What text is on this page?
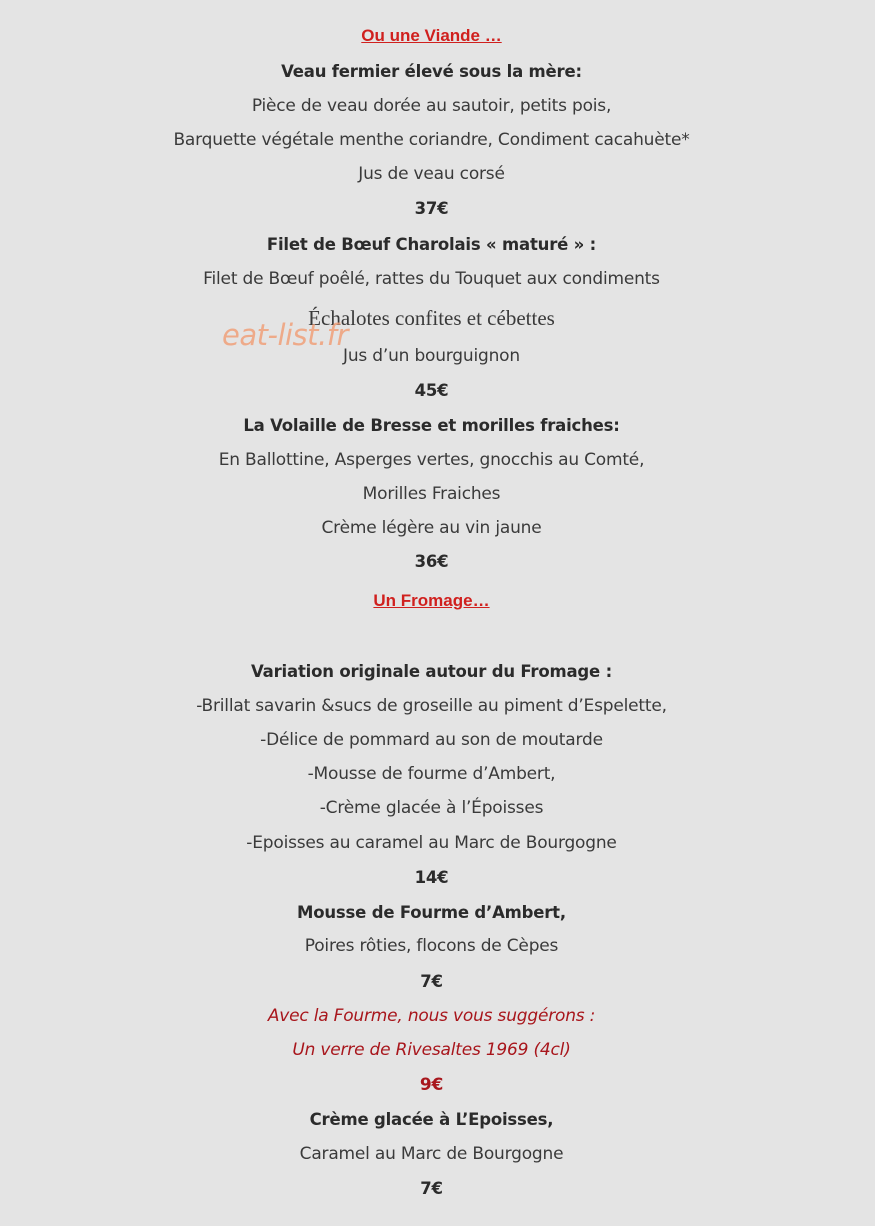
Ou une Viande …
Veau fermier élevé sous la mère:
Pièce de veau dorée au sautoir, petits pois,
Barquette végétale menthe coriandre, Condiment cacahuète*
Jus de veau corsé
37€
Filet de Bœuf Charolais « maturé » :
Filet de Bœuf poêlé, rattes du Touquet aux condiments
Échalotes confites et cébettes
Jus d’un bourguignon
45€
La Volaille de Bresse et morilles fraiches:
En Ballottine, Asperges vertes, gnocchis au Comté,
Morilles Fraiches
Crème légère au vin jaune
36€
Un Fromage…
Variation originale autour du Fromage :
-Brillat savarin &sucs de groseille au piment d’Espelette,
-Délice de pommard au son de moutarde
-Mousse de fourme d’Ambert,
-Crème glacée à l’Époisses
-Epoisses au caramel au Marc de Bourgogne
14€
Mousse de Fourme d’Ambert,
Poires rôties, flocons de Cèpes
7€
Avec la Fourme, nous vous suggérons :
Un verre de Rivesaltes 1969 (4cl)
9€
Crème glacée à L’Epoisses,
Caramel au Marc de Bourgogne
7€
eat-list.fr
